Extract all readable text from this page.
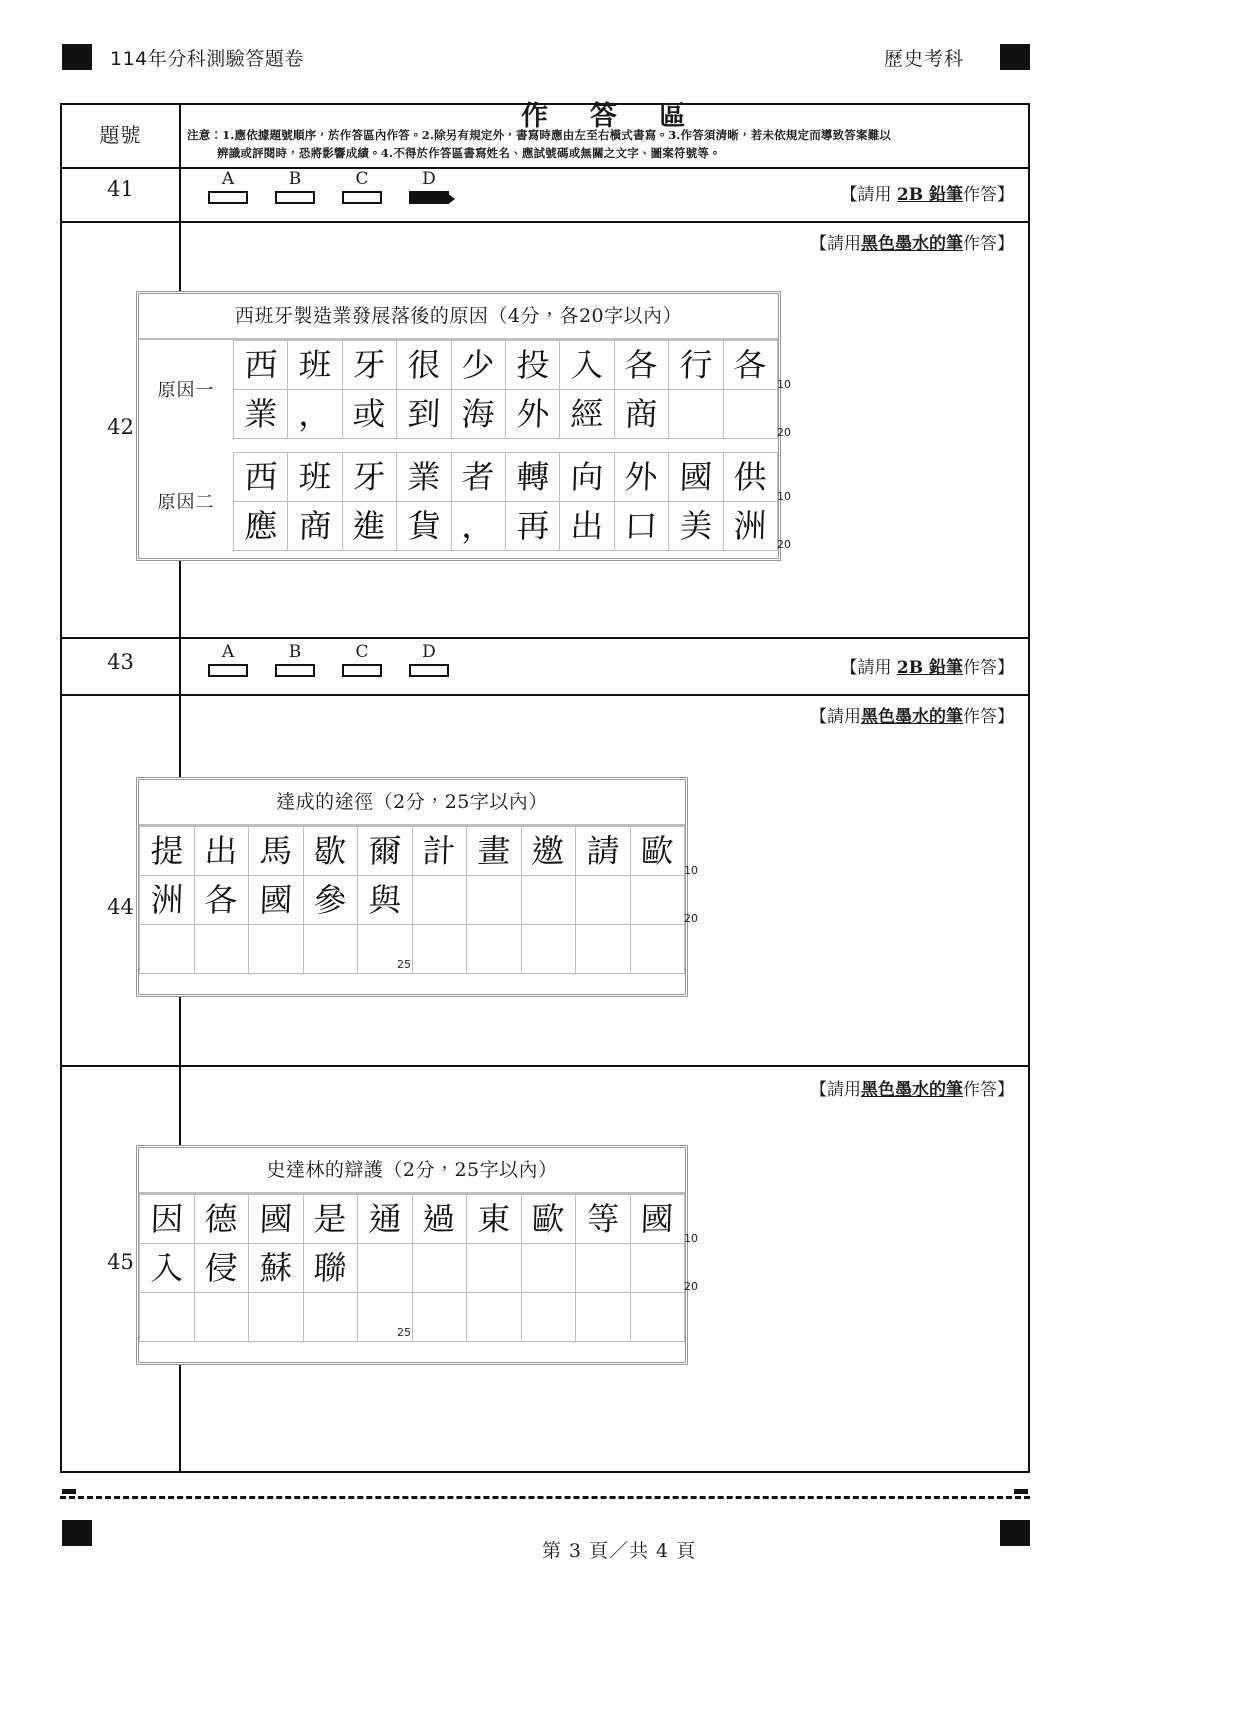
114年分科測驗答題卷	歷史考科
題號
作答區
注意：1.應依據題號順序，於作答區內作答。2.除另有規定外，書寫時應由左至右橫式書寫。3.作答須清晰，若未依規定而導致答案難以
辨識或評閱時，恐將影響成績。4.不得於作答區書寫姓名、應試號碼或無關之文字、圖案符號等。
41	A	B	C	D
【請用 2B 鉛筆作答】
42
【請用黑色墨水的筆作答】
西班牙製造業發展落後的原因（4分，各20字以內）
原因一
西	班	牙	很	少	投	入	各	行	各
業	，	或	到	海	外	經	商		
10
20
原因二
西	班	牙	業	者	轉	向	外	國	供
應	商	進	貨	，	再	出	口	美	洲
10
20
43	A	B	C	D
【請用 2B 鉛筆作答】
44
【請用黑色墨水的筆作答】
達成的途徑（2分，25字以內）
提	出	馬	歇	爾	計	畫	邀	請	歐
洲	各	國	參	與					

10
20
25
45
【請用黑色墨水的筆作答】
史達林的辯護（2分，25字以內）
因	德	國	是	通	過	東	歐	等	國
入	侵	蘇	聯						

10
20
25
第 3 頁／共 4 頁
